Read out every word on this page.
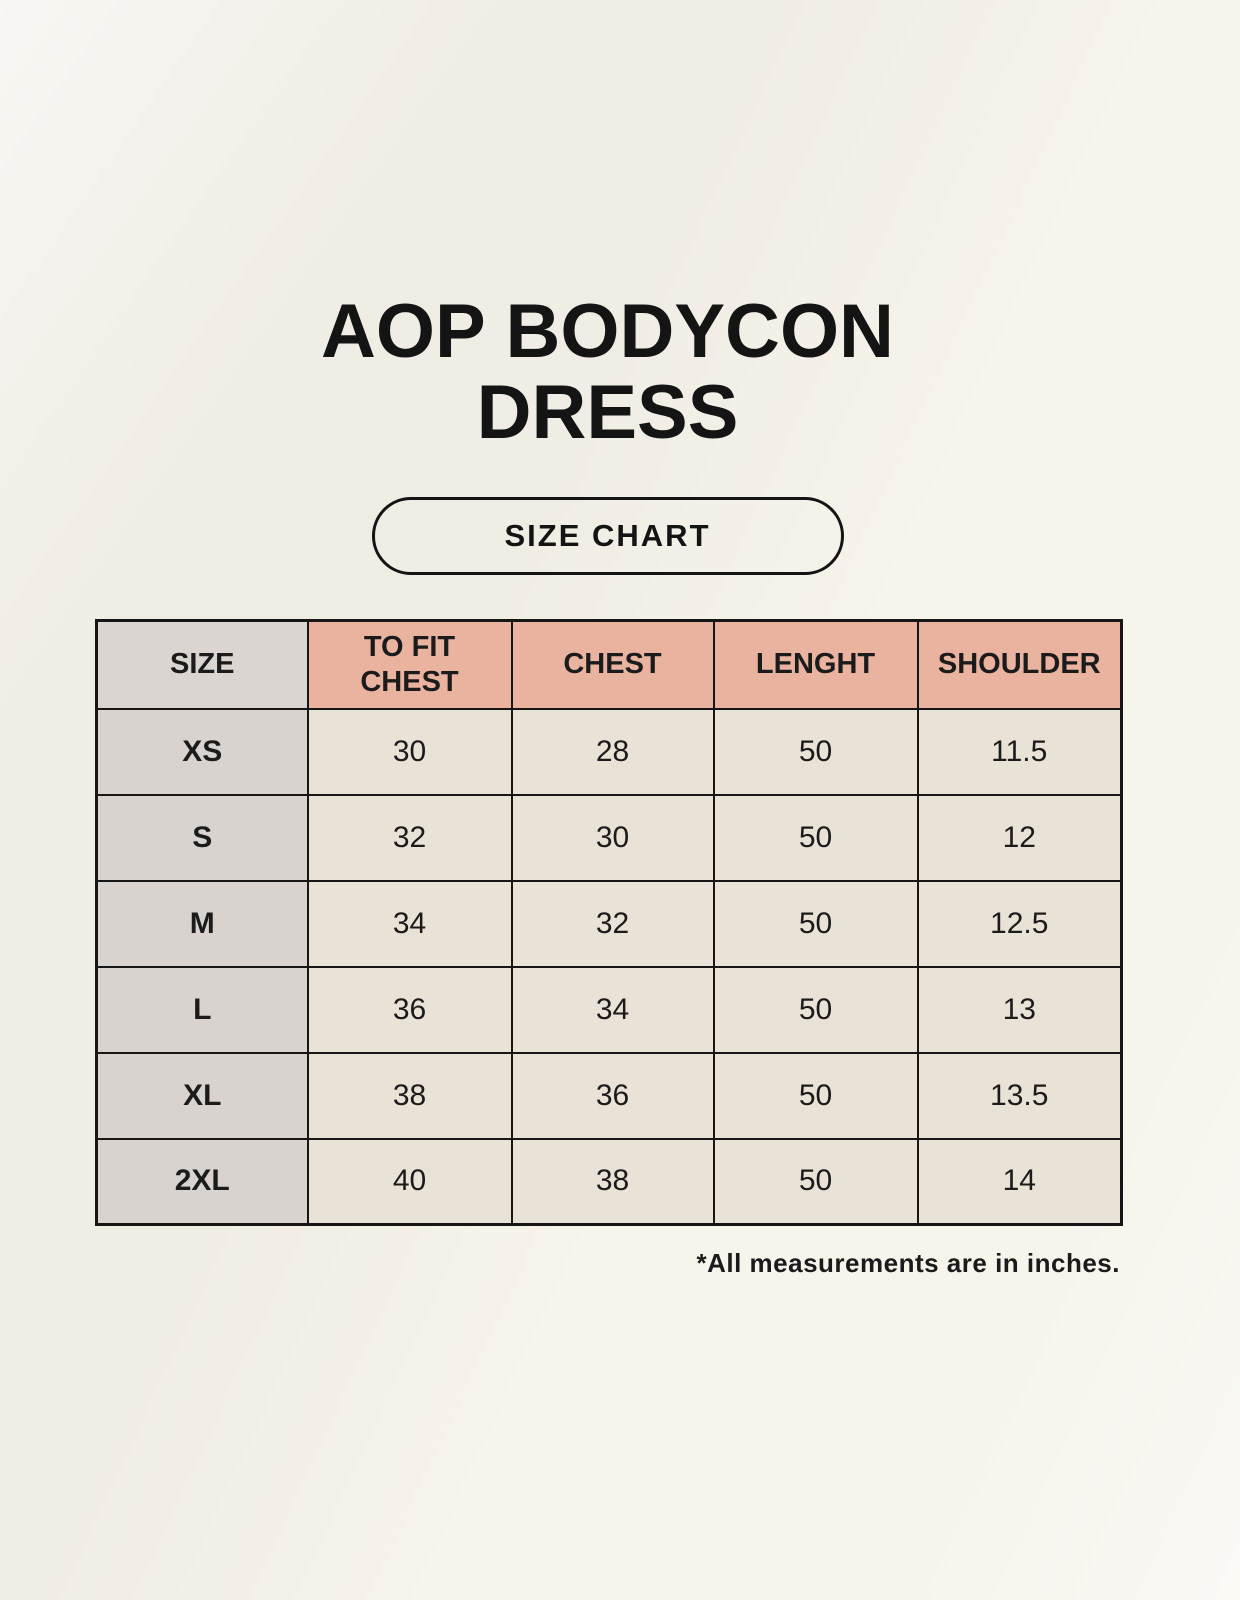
AOP BODYCON
DRESS
SIZE CHART
SIZE	TO FIT CHEST	CHEST	LENGHT	SHOULDER
XS	30	28	50	11.5
S	32	30	50	12
M	34	32	50	12.5
L	36	34	50	13
XL	38	36	50	13.5
2XL	40	38	50	14
*All measurements are in inches.
